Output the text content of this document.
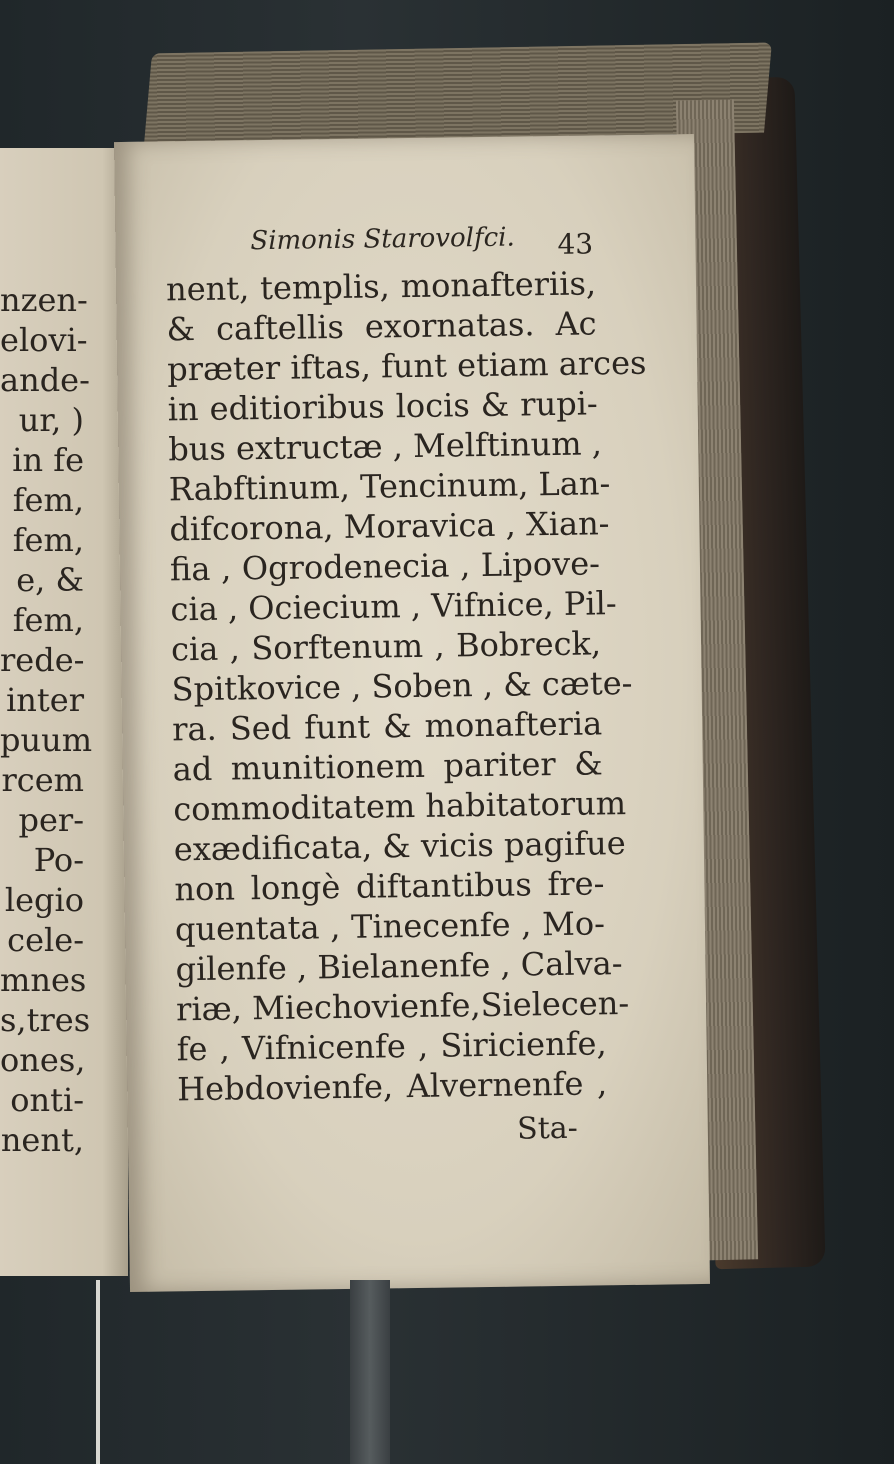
nzen-
elovi-
ande-
ur, )
in fe
fem,
fem,
e, &
fem,
rede-
inter
puum
rcem
per-
Po-
legio
cele-
mnes
s,tres
ones,
onti-
nent,
Simonis Starovolfci.	43
nent, templis, monafteriis,
& caftellis exornatas. Ac
præter iftas, funt etiam arces
in editioribus locis & rupi-
bus extructæ , Melftinum ,
Rabftinum, Tencinum, Lan-
difcorona, Moravica , Xian-
fia , Ogrodenecia , Lipove-
cia , Ociecium , Vifnice, Pil-
cia , Sorftenum , Bobreck,
Spitkovice , Soben , & cæte-
ra. Sed funt & monafteria
ad munitionem pariter &
commoditatem habitatorum
exædificata, & vicis pagifue
non longè diftantibus fre-
quentata , Tinecenfe , Mo-
gilenfe , Bielanenfe , Calva-
riæ, Miechovienfe,Sielecen-
fe , Vifnicenfe , Siricienfe,
Hebdovienfe, Alvernenfe ,
Sta-
